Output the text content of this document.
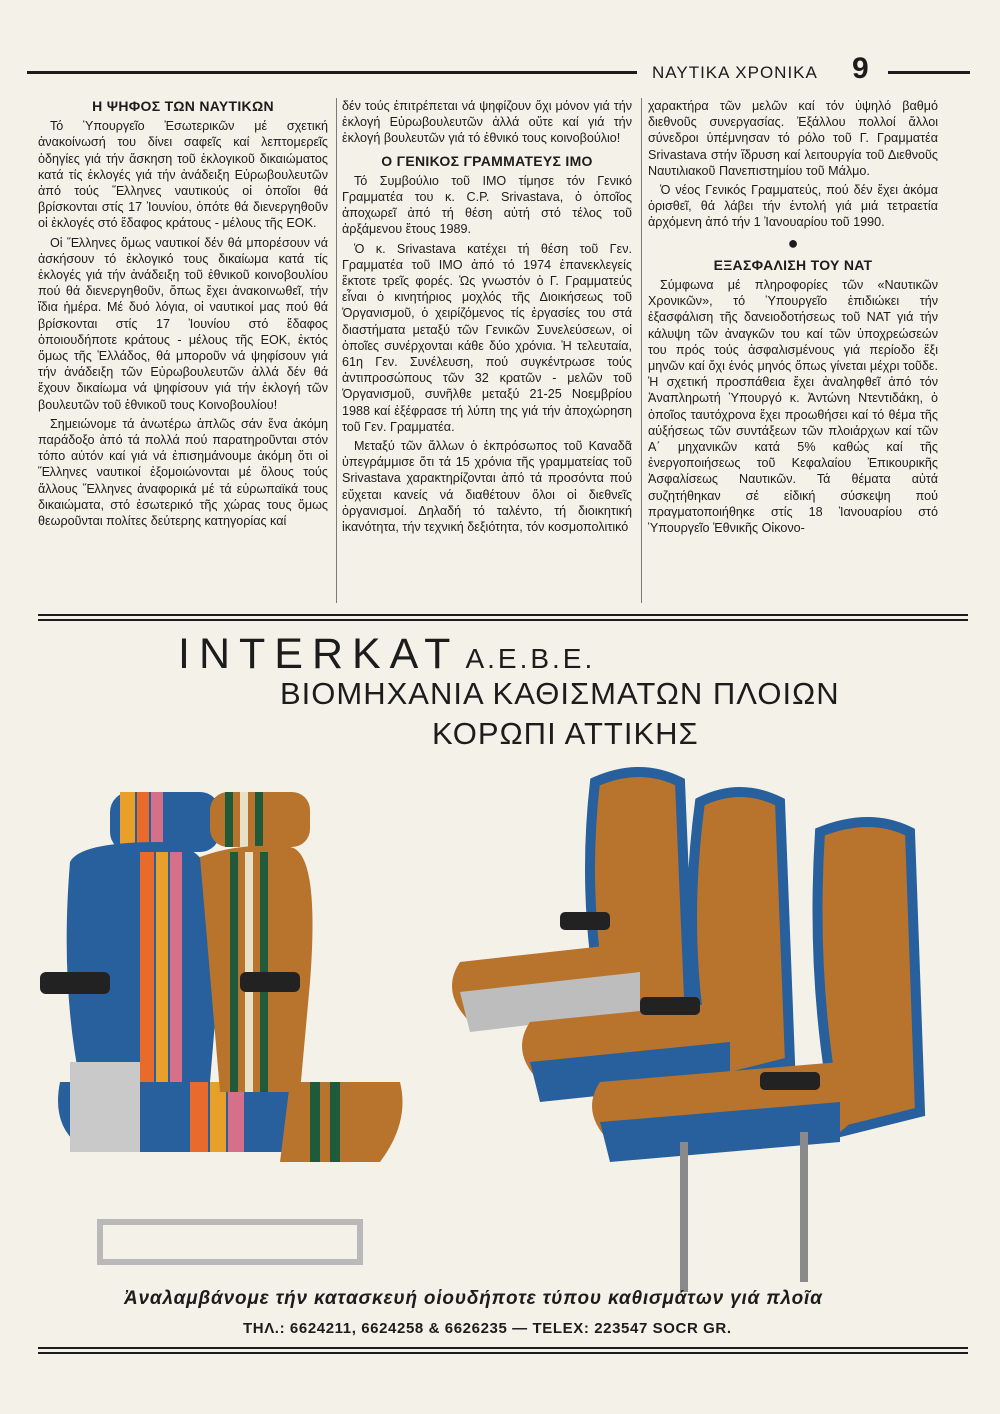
ΝΑΥΤΙΚΑ ΧΡΟΝΙΚΑ 9
Η ΨΗΦΟΣ ΤΩΝ ΝΑΥΤΙΚΩΝ

Τό Ὑπουργεῖο Ἐσωτερικῶν μέ σχετική ἀνακοίνωσή του δίνει σαφεῖς καί λεπτομερεῖς ὁδηγίες γιά τήν ἄσκηση τοῦ ἐκλογικοῦ δικαιώματος κατά τίς ἐκλογές γιά τήν ἀνάδειξη Εὐρωβουλευτῶν ἀπό τούς Ἕλληνες ναυτικούς οἱ ὁποῖοι θά βρίσκονται στίς 17 Ἰουνίου, ὁπότε θά διενεργηθοῦν οἱ ἐκλογές στό ἔδαφος κράτους - μέλους τῆς ΕΟΚ.

Οἱ Ἕλληνες ὅμως ναυτικοί δέν θά μπορέσουν νά ἀσκήσουν τό ἐκλογικό τους δικαίωμα κατά τίς ἐκλογές γιά τήν ἀνάδειξη τοῦ ἐθνικοῦ κοινοβουλίου πού θά διενεργηθοῦν, ὅπως ἔχει ἀνακοινωθεῖ, τήν ἴδια ἡμέρα. Μέ δυό λόγια, οἱ ναυτικοί μας πού θά βρίσκονται στίς 17 Ἰουνίου στό ἔδαφος ὁποιουδήποτε κράτους - μέλους τῆς ΕΟΚ, ἐκτός ὅμως τῆς Ἑλλάδος, θά μποροῦν νά ψηφίσουν γιά τήν ἀνάδειξη τῶν Εὐρωβουλευτῶν ἀλλά δέν θά ἔχουν δικαίωμα νά ψηφίσουν γιά τήν ἐκλογή τῶν βουλευτῶν τοῦ ἐθνικοῦ τους Κοινοβουλίου!

Σημειώνομε τά ἀνωτέρω ἁπλῶς σάν ἕνα ἀκόμη παράδοξο ἀπό τά πολλά πού παρατηροῦνται στόν τόπο αὐτόν καί γιά νά ἐπισημάνουμε ἀκόμη ὅτι οἱ Ἕλληνες ναυτικοί ἐξομοιώνονται μέ ὅλους τούς ἄλλους Ἕλληνες ἀναφορικά μέ τά εὐρωπαϊκά τους δικαιώματα, στό ἐσωτερικό τῆς χώρας τους ὅμως θεωροῦνται πολίτες δεύτερης κατηγορίας καί

δέν τούς ἐπιτρέπεται νά ψηφίζουν ὄχι μόνον γιά τήν ἐκλογή Εὐρωβουλευτῶν ἀλλά οὔτε καί γιά τήν ἐκλογή βουλευτῶν γιά τό ἐθνικό τους κοινοβούλιο!

Ο ΓΕΝΙΚΟΣ ΓΡΑΜΜΑΤΕΥΣ ΙΜΟ

Τό Συμβούλιο τοῦ ΙΜΟ τίμησε τόν Γενικό Γραμματέα του κ. C.P. Srivastava, ὁ ὁποῖος ἀποχωρεῖ ἀπό τή θέση αὐτή στό τέλος τοῦ ἀρξάμενου ἔτους 1989.

Ὁ κ. Srivastava κατέχει τή θέση τοῦ Γεν. Γραμματέα τοῦ ΙΜΟ ἀπό τό 1974 ἐπανεκλεγείς ἔκτοτε τρεῖς φορές. Ὡς γνωστόν ὁ Γ. Γραμματεύς εἶναι ὁ κινητήριος μοχλός τῆς Διοικήσεως τοῦ Ὀργανισμοῦ, ὁ χειρίζόμενος τίς ἐργασίες του στά διαστήματα μεταξύ τῶν Γενικῶν Συνελεύσεων, οἱ ὁποῖες συνέρχονται κάθε δύο χρόνια. Ἡ τελευταία, 61η Γεν. Συνέλευση, πού συγκέντρωσε τούς ἀντιπροσώπους τῶν 32 κρατῶν - μελῶν τοῦ Ὀργανισμοῦ, συνῆλθε μεταξύ 21-25 Νοεμβρίου 1988 καί ἐξέφρασε τή λύπη της γιά τήν ἀποχώρηση τοῦ Γεν. Γραμματέα.

Μεταξύ τῶν ἄλλων ὁ ἐκπρόσωπος τοῦ Καναδᾶ ὑπεγράμμισε ὅτι τά 15 χρόνια τῆς γραμματείας τοῦ Srivastava χαρακτηρίζονται ἀπό τά προσόντα πού εὔχεται κανείς νά διαθέτουν ὅλοι οἱ διεθνεῖς ὀργανισμοί. Δηλαδή τό ταλέντο, τή διοικητική ἱκανότητα, τήν τεχνική δεξιότητα, τόν κοσμοπολιτικό

χαρακτήρα τῶν μελῶν καί τόν ὑψηλό βαθμό διεθνοῦς συνεργασίας. Ἐξάλλου πολλοί ἄλλοι σύνεδροι ὑπέμνησαν τό ρόλο τοῦ Γ. Γραμματέα Srivastava στήν ἵδρυση καί λειτουργία τοῦ Διεθνοῦς Ναυτιλιακοῦ Πανεπιστημίου τοῦ Μάλμο.

Ὁ νέος Γενικός Γραμματεύς, πού δέν ἔχει ἀκόμα ὁρισθεῖ, θά λάβει τήν ἐντολή γιά μιά τετραετία ἀρχόμενη ἀπό τήν 1 Ἰανουαρίου τοῦ 1990.

●
ΕΞΑΣΦΑΛΙΣΗ ΤΟΥ ΝΑΤ

Σύμφωνα μέ πληροφορίες τῶν «Ναυτικῶν Χρονικῶν», τό Ὑπουργεῖο ἐπιδιώκει τήν ἐξασφάλιση τῆς δανειοδοτήσεως τοῦ ΝΑΤ γιά τήν κάλυψη τῶν ἀναγκῶν του καί τῶν ὑποχρεώσεών του πρός τούς ἀσφαλισμένους γιά περίοδο ἕξι μηνῶν καί ὄχι ἑνός μηνός ὅπως γίνεται μέχρι τοῦδε. Ἡ σχετική προσπάθεια ἔχει ἀναληφθεῖ ἀπό τόν Ἀναπληρωτή Ὑπουργό κ. Ἀντώνη Ντεντιδάκη, ὁ ὁποῖος ταυτόχρονα ἔχει προωθήσει καί τό θέμα τῆς αὐξήσεως τῶν συντάξεων τῶν πλοιάρχων καί τῶν Α΄ μηχανικῶν κατά 5% καθώς καί τῆς ἐνεργοποιήσεως τοῦ Κεφαλαίου Ἐπικουρικῆς Ἀσφαλίσεως Ναυτικῶν. Τά θέματα αὐτά συζητήθηκαν σέ εἰδική σύσκεψη πού πραγματοποιήθηκε στίς 18 Ἰανουαρίου στό Ὑπουργεῖο Ἐθνικῆς Οἰκονο-

INTERKAT A.E.B.E.
ΒΙΟΜΗΧΑΝΙΑ ΚΑΘΙΣΜΑΤΩΝ ΠΛΟΙΩΝ
ΚΟΡΩΠΙ ΑΤΤΙΚΗΣ
Ἀναλαμβάνομε τήν κατασκευή οἱουδήποτε τύπου καθισμάτων γιά πλοῖα
ΤΗΛ.: 6624211, 6624258 & 6626235 — TELEX: 223547 SOCR GR.
